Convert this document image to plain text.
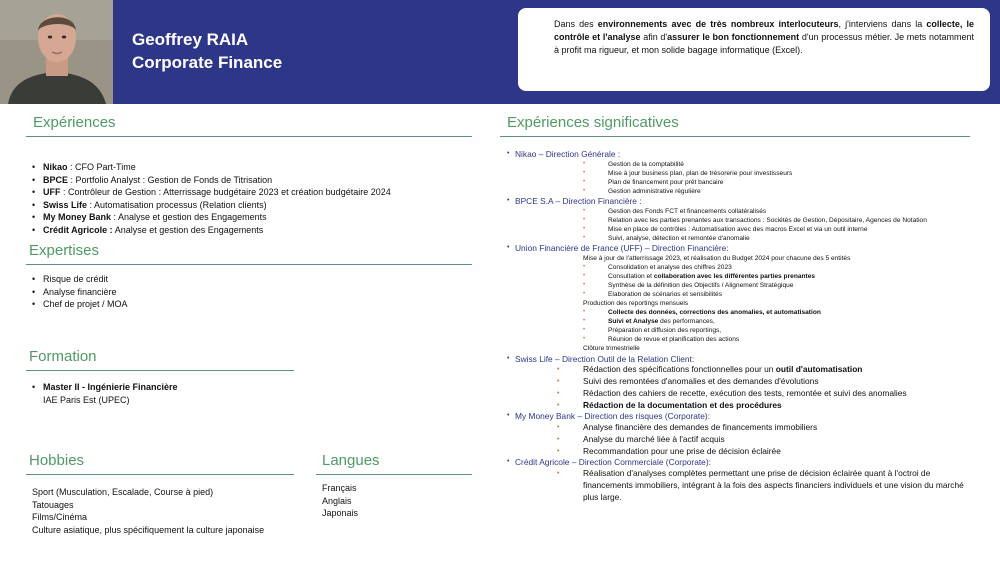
Geoffrey RAIA
Corporate Finance
Dans des environnements avec de très nombreux interlocuteurs, j'interviens dans la collecte, le contrôle et l'analyse afin d'assurer le bon fonctionnement d'un processus métier. Je mets notamment à profit ma rigueur, et mon solide bagage informatique (Excel).
Expériences
• Nikao : CFO Part-Time
• BPCE : Portfolio Analyst : Gestion de Fonds de Titrisation
• UFF : Contrôleur de Gestion : Atterrissage budgétaire 2023 et création budgétaire 2024
• Swiss Life : Automatisation processus (Relation clients)
• My Money Bank : Analyse et gestion des Engagements
• Crédit Agricole : Analyse et gestion des Engagements
Expertises
• Risque de crédit
• Analyse financière
• Chef de projet / MOA
Formation
• Master II - Ingénierie Financière
IAE Paris Est (UPEC)
Hobbies
Sport (Musculation, Escalade, Course à pied)
Tatouages
Films/Cinéma
Culture asiatique, plus spécifiquement la culture japonaise
Langues
Français
Anglais
Japonais
Expériences significatives
• Nikao – Direction Générale :
• Gestion de la comptabilité
• Mise à jour business plan, plan de trésorerie pour investisseurs
• Plan de financement pour prêt bancaire
• Gestion administrative régulière
• BPCE S.A – Direction Financière :
• Gestion des Fonds FCT et financements collatéralisés
• Relation avec les parties prenantes aux transactions : Sociétés de Gestion, Dépositaire, Agences de Notation
• Mise en place de contrôles : Automatisation avec des macros Excel et via un outil interne
• Suivi, analyse, détection et remontée d'anomalie
• Union Financière de France (UFF) – Direction Financière:
Mise à jour de l'atterrissage 2023, et réalisation du Budget 2024 pour chacune des 5 entités
• Consolidation et analyse des chiffres 2023
• Consultation et collaboration avec les différentes parties prenantes
• Synthèse de la définition des Objectifs / Alignement Stratégique
• Elaboration de scénarios et sensibilités
Production des reportings mensuels
• Collecte des données, corrections des anomalies, et automatisation
• Suivi et Analyse des performances,
• Préparation et diffusion des reportings,
• Réunion de revue et planification des actions
Clôture trimestrielle
• Swiss Life – Direction Outil de la Relation Client:
• Rédaction des spécifications fonctionnelles pour un outil d'automatisation
• Suivi des remontées d'anomalies et des demandes d'évolutions
• Rédaction des cahiers de recette, exécution des tests, remontée et suivi des anomalies
• Rédaction de la documentation et des procédures
• My Money Bank – Direction des risques (Corporate):
• Analyse financière des demandes de financements immobiliers
• Analyse du marché liée à l'actif acquis
• Recommandation pour une prise de décision éclairée
• Crédit Agricole – Direction Commerciale (Corporate):
• Réalisation d'analyses complètes permettant une prise de décision éclairée quant à l'octroi de financements immobiliers, intégrant à la fois des aspects financiers individuels et une vision du marché plus large.
